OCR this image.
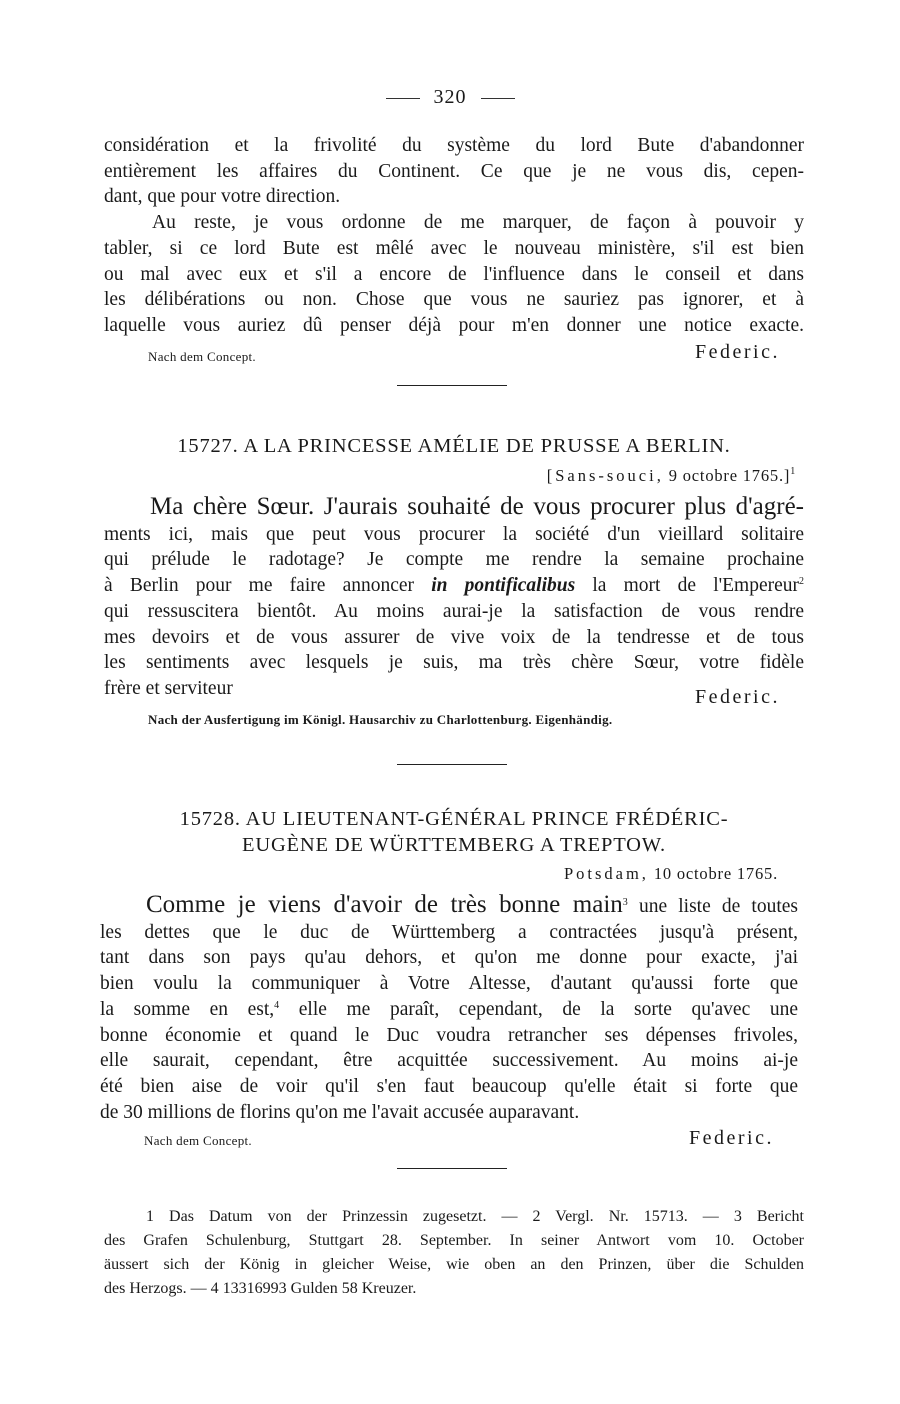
320

considération et la frivolité du système du lord Bute d'abandonner
entièrement les affaires du Continent. Ce que je ne vous dis, cepen-
dant, que pour votre direction.
Au reste, je vous ordonne de me marquer, de façon à pouvoir y
tabler, si ce lord Bute est mêlé avec le nouveau ministère, s'il est bien
ou mal avec eux et s'il a encore de l'influence dans le conseil et dans
les délibérations ou non. Chose que vous ne sauriez pas ignorer, et à
laquelle vous auriez dû penser déjà pour m'en donner une notice exacte.

Nach dem Concept.	Federic.
15727. A LA PRINCESSE AMÉLIE DE PRUSSE A BERLIN.
[Sans-souci, 9 octobre 1765.]$^1$

Ma chère Sœur. J'aurais souhaité de vous procurer plus d'agré-
ments ici, mais que peut vous procurer la société d'un vieillard solitaire
qui prélude le radotage? Je compte me rendre la semaine prochaine
à Berlin pour me faire annoncer in pontificalibus la mort de l'Empereur$^2$
qui ressuscitera bientôt. Au moins aurai-je la satisfaction de vous rendre
mes devoirs et de vous assurer de vive voix de la tendresse et de tous
les sentiments avec lesquels je suis, ma très chère Sœur, votre fidèle
frère et serviteur	Federic.
Nach der Ausfertigung im Königl. Hausarchiv zu Charlottenburg. Eigenhändig.
15728. AU LIEUTENANT-GÉNÉRAL PRINCE FRÉDÉRIC-
EUGÈNE DE WÜRTTEMBERG A TREPTOW.
Potsdam, 10 octobre 1765.

Comme je viens d'avoir de très bonne main$^3$ une liste de toutes
les dettes que le duc de Württemberg a contractées jusqu'à présent,
tant dans son pays qu'au dehors, et qu'on me donne pour exacte, j'ai
bien voulu la communiquer à Votre Altesse, d'autant qu'aussi forte que
la somme en est,$^4$ elle me paraît, cependant, de la sorte qu'avec une
bonne économie et quand le Duc voudra retrancher ses dépenses frivoles,
elle saurait, cependant, être acquittée successivement. Au moins ai-je
été bien aise de voir qu'il s'en faut beaucoup qu'elle était si forte que
de 30 millions de florins qu'on me l'avait accusée auparavant.

Nach dem Concept.	Federic.
1 Das Datum von der Prinzessin zugesetzt. — 2 Vergl. Nr. 15713. — 3 Bericht
des Grafen Schulenburg, Stuttgart 28. September. In seiner Antwort vom 10. October
äussert sich der König in gleicher Weise, wie oben an den Prinzen, über die Schulden
des Herzogs. — 4 13316993 Gulden 58 Kreuzer.
